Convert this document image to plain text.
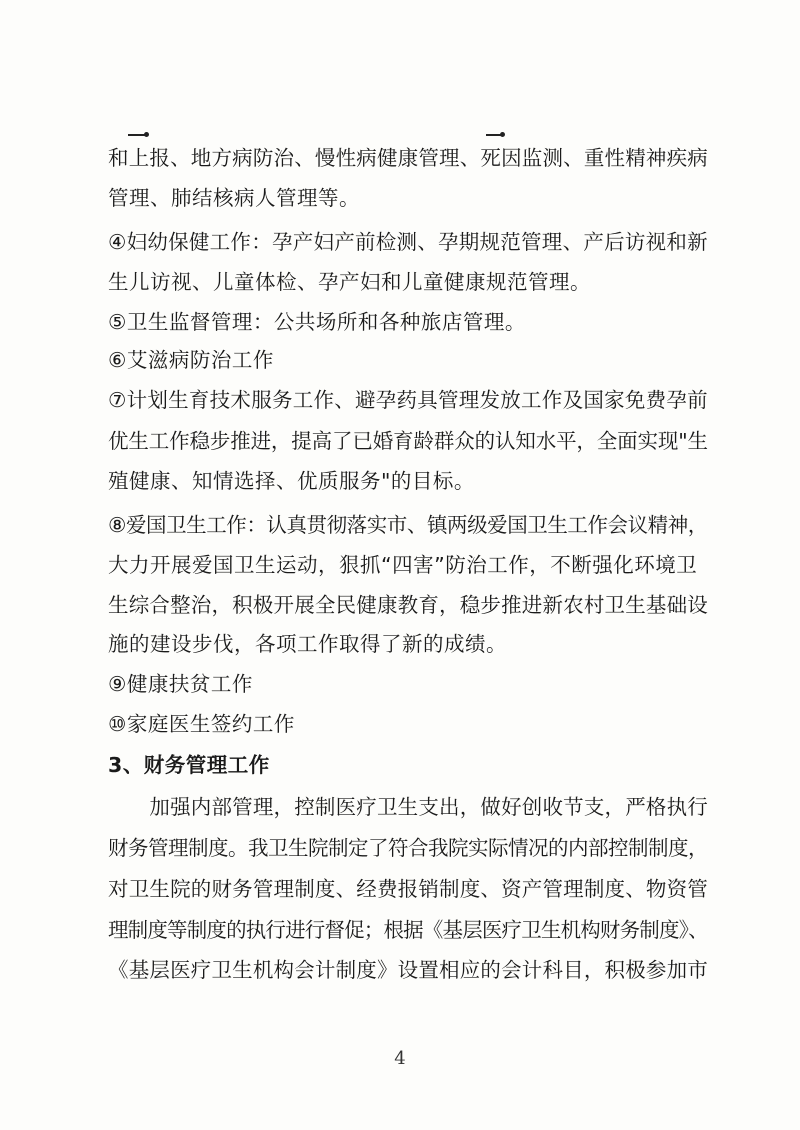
和上报、地方病防治、慢性病健康管理、死因监测、重性精神疾病
管理、肺结核病人管理等。
④妇幼保健工作：孕产妇产前检测、孕期规范管理、产后访视和新
生儿访视、儿童体检、孕产妇和儿童健康规范管理。
⑤卫生监督管理：公共场所和各种旅店管理。
⑥艾滋病防治工作
⑦计划生育技术服务工作、避孕药具管理发放工作及国家免费孕前
优生工作稳步推进，提高了已婚育龄群众的认知水平，全面实现"生
殖健康、知情选择、优质服务"的目标。
⑧爱国卫生工作：认真贯彻落实市、镇两级爱国卫生工作会议精神，
大力开展爱国卫生运动，狠抓“四害”防治工作，不断强化环境卫
生综合整治，积极开展全民健康教育，稳步推进新农村卫生基础设
施的建设步伐，各项工作取得了新的成绩。
⑨健康扶贫工作
⑩家庭医生签约工作
3、财务管理工作
　　加强内部管理，控制医疗卫生支出，做好创收节支，严格执行
财务管理制度。我卫生院制定了符合我院实际情况的内部控制制度，
对卫生院的财务管理制度、经费报销制度、资产管理制度、物资管
理制度等制度的执行进行督促；根据《基层医疗卫生机构财务制度》、
《基层医疗卫生机构会计制度》设置相应的会计科目，积极参加市
4
